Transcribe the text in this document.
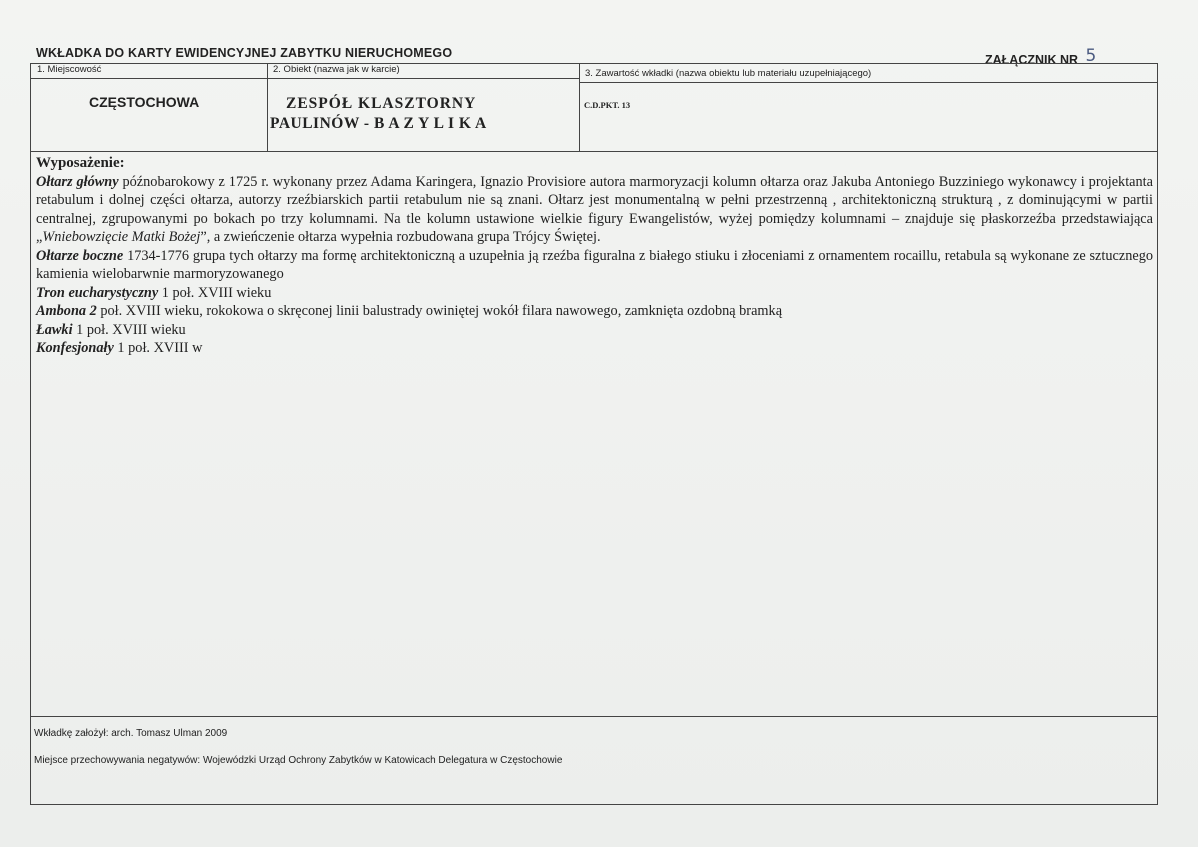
WKŁADKA DO KARTY EWIDENCYJNEJ ZABYTKU NIERUCHOMEGO	ZAŁĄCZNIK NR 5
1. Miejscowość
CZĘSTOCHOWA
2. Obiekt (nazwa jak w karcie)
ZESPÓŁ KLASZTORNY
PAULINÓW - B A Z Y L I K A
3. Zawartość wkładki (nazwa obiektu lub materiału uzupełniającego)
C.D.PKT. 13

Wyposażenie:

Ołtarz główny późnobarokowy z 1725 r. wykonany przez Adama Karingera, Ignazio Provisiore autora marmoryzacji kolumn ołtarza oraz Jakuba Antoniego Buzziniego wykonawcy i projektanta retabulum i dolnej części ołtarza, autorzy rzeźbiarskich partii retabulum nie są znani. Ołtarz jest monumentalną w pełni przestrzenną , architektoniczną strukturą , z dominującymi w partii centralnej, zgrupowanymi po bokach po trzy kolumnami. Na tle kolumn ustawione wielkie figury Ewangelistów, wyżej pomiędzy kolumnami – znajduje się płaskorzeźba przedstawiająca „Wniebowzięcie Matki Bożej”, a zwieńczenie ołtarza wypełnia rozbudowana grupa Trójcy Świętej.

Ołtarze boczne 1734-1776 grupa tych ołtarzy ma formę architektoniczną a uzupełnia ją rzeźba figuralna z białego stiuku i złoceniami z ornamentem rocaillu, retabula są wykonane ze sztucznego kamienia wielobarwnie marmoryzowanego

Tron eucharystyczny 1 poł. XVIII wieku

Ambona 2 poł. XVIII wieku, rokokowa o skręconej linii balustrady owiniętej wokół filara nawowego, zamknięta ozdobną bramką

Ławki 1 poł. XVIII wieku

Konfesjonały 1 poł. XVIII w

Wkładkę założył: arch. Tomasz Ulman 2009
Miejsce przechowywania negatywów: Wojewódzki Urząd Ochrony Zabytków w Katowicach Delegatura w Częstochowie
